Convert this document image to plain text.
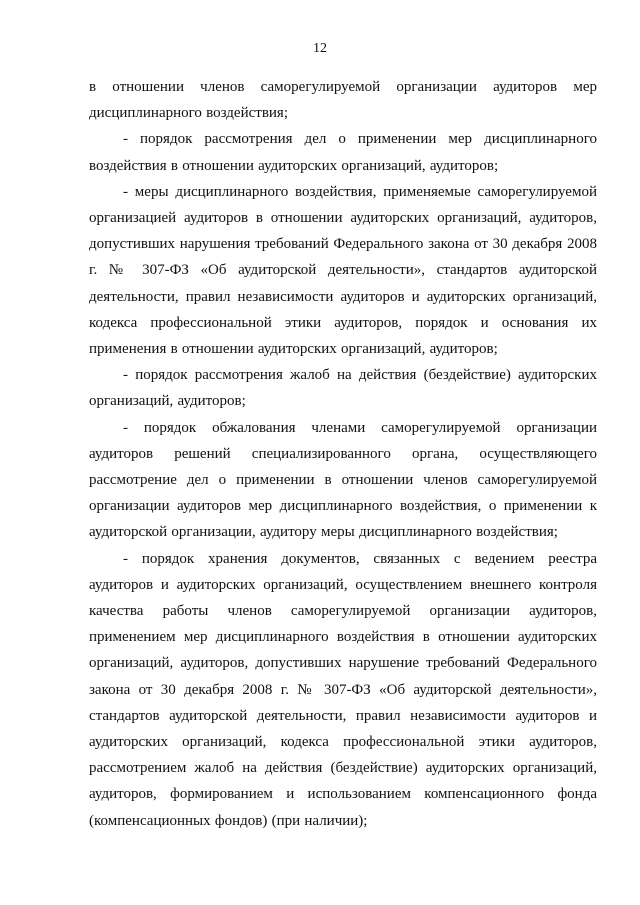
12

в отношении членов саморегулируемой организации аудиторов мер дисциплинарного воздействия;

- порядок рассмотрения дел о применении мер дисциплинарного воздействия в отношении аудиторских организаций, аудиторов;

- меры дисциплинарного воздействия, применяемые саморегулируемой организацией аудиторов в отношении аудиторских организаций, аудиторов, допустивших нарушения требований Федерального закона от 30 декабря 2008 г. № 307-ФЗ «Об аудиторской деятельности», стандартов аудиторской деятельности, правил независимости аудиторов и аудиторских организаций, кодекса профессиональной этики аудиторов, порядок и основания их применения в отношении аудиторских организаций, аудиторов;

- порядок рассмотрения жалоб на действия (бездействие) аудиторских организаций, аудиторов;

- порядок обжалования членами саморегулируемой организации аудиторов решений специализированного органа, осуществляющего рассмотрение дел о применении в отношении членов саморегулируемой организации аудиторов мер дисциплинарного воздействия, о применении к аудиторской организации, аудитору меры дисциплинарного воздействия;

- порядок хранения документов, связанных с ведением реестра аудиторов и аудиторских организаций, осуществлением внешнего контроля качества работы членов саморегулируемой организации аудиторов, применением мер дисциплинарного воздействия в отношении аудиторских организаций, аудиторов, допустивших нарушение требований Федерального закона от 30 декабря 2008 г. № 307-ФЗ «Об аудиторской деятельности», стандартов аудиторской деятельности, правил независимости аудиторов и аудиторских организаций, кодекса профессиональной этики аудиторов, рассмотрением жалоб на действия (бездействие) аудиторских организаций, аудиторов, формированием и использованием компенсационного фонда (компенсационных фондов) (при наличии);
